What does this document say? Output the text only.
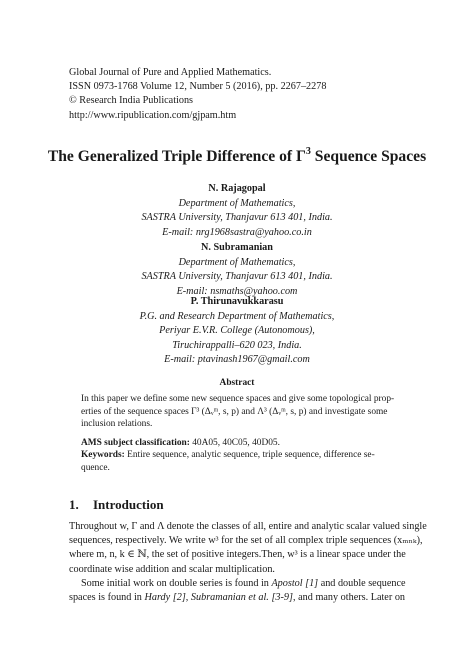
Global Journal of Pure and Applied Mathematics.
ISSN 0973-1768 Volume 12, Number 5 (2016), pp. 2267–2278
© Research India Publications
http://www.ripublication.com/gjpam.htm
The Generalized Triple Difference of $\Gamma^3$ Sequence Spaces
N. Rajagopal
Department of Mathematics,
SASTRA University, Thanjavur 613 401, India.
E-mail: nrg1968sastra@yahoo.co.in
N. Subramanian
Department of Mathematics,
SASTRA University, Thanjavur 613 401, India.
E-mail: nsmaths@yahoo.com
P. Thirunavukkarasu
P.G. and Research Department of Mathematics,
Periyar E.V.R. College (Autonomous),
Tiruchirappalli–620 023, India.
E-mail: ptavinash1967@gmail.com
Abstract
In this paper we define some new sequence spaces and give some topological prop-
erties of the sequence spaces Γ³ (Δᵥᵐ, s, p) and Λ³ (Δᵥᵐ, s, p) and investigate some
inclusion relations.
AMS subject classification: 40A05, 40C05, 40D05.
Keywords: Entire sequence, analytic sequence, triple sequence, difference se-
quence.
1. Introduction
Throughout w, Γ and Λ denote the classes of all, entire and analytic scalar valued single
sequences, respectively. We write w³ for the set of all complex triple sequences (xₘₙₖ),
where m, n, k ∈ ℕ, the set of positive integers.Then, w³ is a linear space under the
coordinate wise addition and scalar multiplication.
Some initial work on double series is found in Apostol [1] and double sequence
spaces is found in Hardy [2], Subramanian et al. [3-9], and many others. Later on
